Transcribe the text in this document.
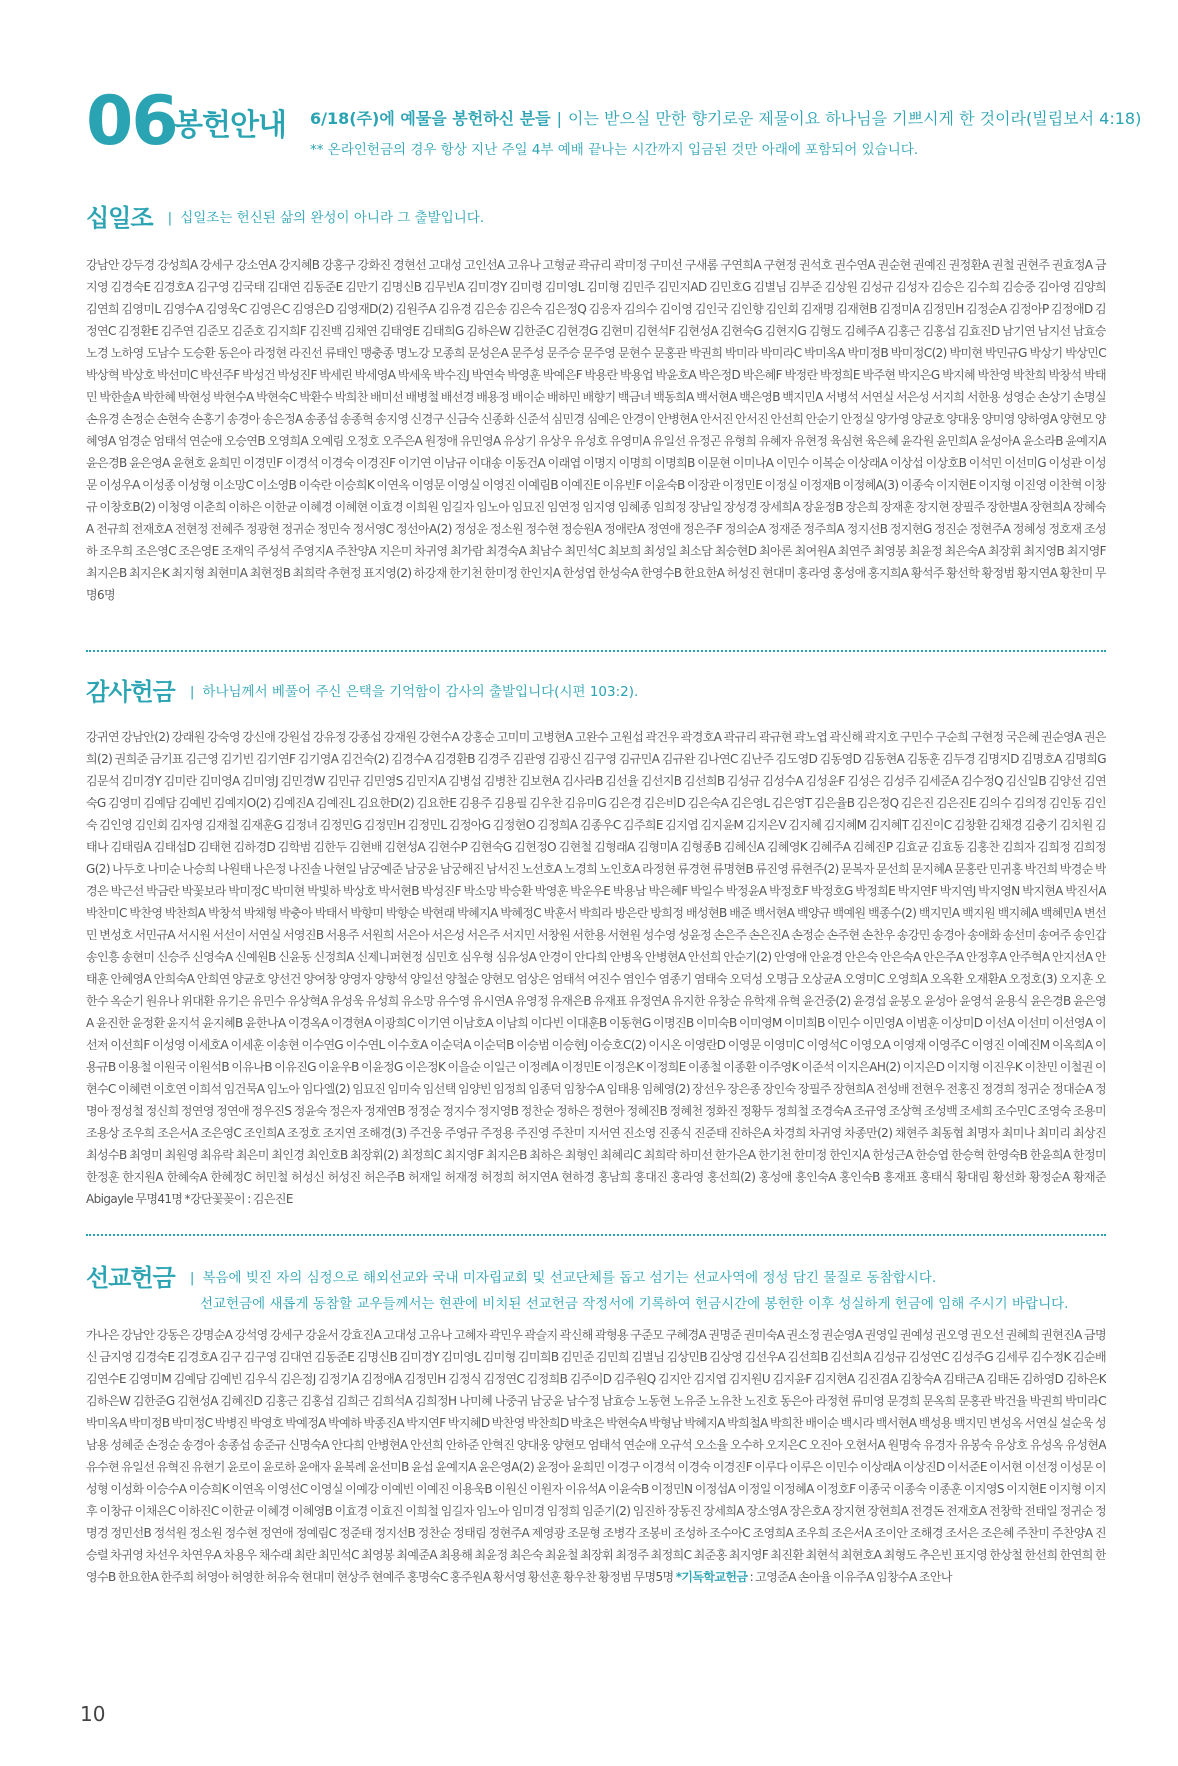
06
봉헌안내 6/18(주)에 예물을 봉헌하신 분들 | 이는 받으실 만한 향기로운 제물이요 하나님을 기쁘시게 한 것이라(빌립보서 4:18)
** 온라인헌금의 경우 항상 지난 주일 4부 예배 끝나는 시간까지 입금된 것만 아래에 포함되어 있습니다.
십일조 | 십일조는 헌신된 삶의 완성이 아니라 그 출발입니다.
강남안 강두경 강성희A 강세구 강소연A 강지혜B 강홍구 강화진 경현선 고대성 고인선A 고유나 고형균 곽규리 곽미정 구미선 구새롬 구연희A 구현정 권석호 권수연A 권순현 권예진 권정환A 권철 권현주 권효정A 금지영 김경숙E 김경호A 김구영 김국태 김대연 김동준E 김만기 김명신B 김무빈A 김미경Y 김미령 김미영L 김미형 김민주 김민지AD 김민호G 김별님 김부준 김상원 김성규 김성자 김승은 김수희 김승중 김아영 김양희 김연희 김영미L 김영수A 김영욱C 김영은C 김영은D 김영재D(2) 김원주A 김유경 김은송 김은숙 김은정Q 김응자 김의수 김이영 김인국 김인향 김인회 김재명 김재현B 김정미A 김정민H 김정순A 김정아P 김정애D 김정연C 김정환E 김주연 김준모 김준호 김지희F 김진백 김채연 김태영E 김태희G 김하은W 김한준C 김현경G 김현미 김현석F 김현성A 김현숙G 김현지G 김형도 김혜주A 김홍근 김홍섭 김효진D 남기연 남지선 남효승 노경 노하영 도남수 도승환 동은아 라정현 라진선 류태인 맹충종 명노강 모종희 문성은A 문주성 문주승 문주영 문현수 문홍관 박권희 박미라 박미라C 박미옥A 박미정B 박미정C(2) 박미현 박민규G 박상기 박상민C 박상혁 박상호 박선미C 박선주F 박성건 박성진F 박세린 박세영A 박세욱 박수진J 박연숙 박영훈 박예은F 박용란 박용업 박윤호A 박은정D 박은혜F 박정란 박정희E 박주현 박지은G 박지혜 박찬영 박찬희 박창석 박태민 박한솔A 박한혜 박현성 박현수A 박현숙C 박환수 박희찬 배미선 배병철 배선경 배용정 배이순 배하민 배향기 백금녀 백동희A 백서현A 백은영B 백지민A 서병석 서연실 서은성 서지희 서한용 성영순 손상기 손명실 손유경 손정순 손현숙 손홍기 송경아 송은정A 송종섭 송종혁 송지영 신경구 신금숙 신종화 신준석 심민경 심예은 안경이 안병현A 안서진 안서진 안선희 안순기 안정실 양가영 양균호 양대웅 양미영 양하영A 양현모 양혜영A 엄경순 엄태석 연순애 오승연B 오영희A 오예림 오정호 오주은A 원정애 유민영A 유상기 유상우 유성호 유영미A 유일선 유정곤 유형희 유혜자 유현정 육심현 육은혜 윤각원 윤민희A 윤성아A 윤소라B 윤예지A 윤은경B 윤은영A 윤현호 윤희민 이경민F 이경석 이경숙 이경진F 이기연 이남규 이대송 이동건A 이래엽 이명지 이명희 이명희B 이문현 이미나A 이민수 이복순 이상래A 이상섭 이상호B 이석민 이선미G 이성관 이성문 이성우A 이성종 이성형 이소망C 이소영B 이숙란 이승희K 이연옥 이영문 이영실 이영진 이예림B 이예진E 이유빈F 이윤숙B 이장관 이정민E 이정실 이정재B 이정혜A(3) 이종숙 이지현E 이지형 이진영 이찬혁 이창규 이창호B(2) 이청영 이춘희 이하은 이한균 이혜경 이혜현 이효경 이희원 임길자 임노아 임묘진 임연정 임지영 임혜종 임희정 장남일 장성경 장세희A 장윤정B 장은희 장재훈 장지현 장필주 장한별A 장현희A 장혜숙A 전규희 전재호A 전현정 전혜주 정광현 정귀순 정민숙 정서영C 정선아A(2) 정성운 정소원 정수현 정승원A 정애란A 정연애 정은주F 정의순A 정재준 정주희A 정지선B 정지현G 정진순 정현주A 정혜성 정호재 조성하 조우희 조은영C 조은영E 조재익 주성석 주영지A 주찬양A 지은미 차귀영 최가람 최경숙A 최남수 최민석C 최보희 최성일 최소담 최승현D 최아론 최여원A 최연주 최영봉 최윤정 최은숙A 최장휘 최지영B 최지영F 최지은B 최지은K 최지형 최현미A 최현정B 최희락 추현정 표지영(2) 하강재 한기천 한미정 한인지A 한성엽 한성숙A 한영수B 한요한A 허성진 현대미 홍라영 홍성애 홍지희A 황석주 황선학 황정범 황지연A 황찬미 무명6명
감사헌금 | 하나님께서 베풀어 주신 은택을 기억함이 감사의 출발입니다(시편 103:2).
강귀연 강남안(2) 강래원 강숙영 강신애 강원섭 강유정 강종섭 강재원 강현수A 강홍순 고미미 고병현A 고완수 고원섭 곽건우 곽경호A 곽규리 곽규현 곽노엽 곽신해 곽지호 구민수 구순희 구현정 국은혜 권순영A 권은희(2) 권희준 금기표 김근영 김기빈 김기연F 김기영A 김건숙(2) 김경수A 김경환B 김경주 김관영 김광신 김구영 김규민A 김규완 김나연C 김난주 김도영D 김동영D 김동현A 김동훈 김두경 김명지D 김명호A 김명희G 김문석 김미경Y 김미란 김미영A 김미영J 김민경W 김민규 김민영S 김민지A 김병섭 김병찬 김보현A 김사라B 김선율 김선지B 김선희B 김성규 김성수A 김성윤F 김성은 김성주 김세준A 김수정Q 김신일B 김양선 김연숙G 김영미 김예담 김예빈 김예지O(2) 김예진A 김예진L 김요한D(2) 김요한E 김용주 김용필 김우찬 김유미G 김은경 김은비D 김은숙A 김은영L 김은영T 김은율B 김은정Q 김은진 김은진E 김의수 김의정 김인동 김인숙 김인영 김인회 김자영 김재철 김재훈G 김정녀 김정민G 김정민H 김정민L 김정아G 김정현O 김정희A 김종우C 김주희E 김지엽 김지윤M 김지은V 김지혜 김지혜M 김지혜T 김진이C 김창환 김채경 김충기 김치원 김태나 김태림A 김태섭D 김태현 김하경D 김학범 김한두 김현배 김현성A 김현수P 김현숙G 김현정O 김현철 김형래A 김형미A 김형종B 김혜신A 김혜영K 김혜주A 김혜진P 김효균 김효동 김홍찬 김희자 김희정 김희정G(2) 나두호 나미순 나승희 나원태 나은정 나진솔 나현일 남궁예준 남궁윤 남궁해진 남서진 노선호A 노경희 노인호A 라정현 류경현 류명현B 류진영 류현주(2) 문복자 문선희 문지혜A 문홍란 민귀홍 박건희 박경순 박경은 박근선 박금란 박꽃보라 박미정C 박미현 박빛하 박상호 박서현B 박성진F 박소망 박승환 박영훈 박운우E 박용남 박은혜F 박일수 박정윤A 박정호F 박정호G 박정희E 박지연F 박지연J 박지영N 박지현A 박진서A 박찬미C 박찬영 박찬희A 박창석 박채형 박충아 박태서 박향미 박향순 박현래 박혜지A 박혜정C 박훈서 박희라 방은란 방희정 배성현B 배준 백서현A 백양규 백예원 백종수(2) 백지민A 백지원 백지혜A 백혜민A 변선민 변성호 서민규A 서시원 서선이 서연실 서영진B 서용주 서원희 서은아 서은성 서은주 서지민 서창원 서한용 서현원 성수영 성윤정 손은주 손은진A 손정순 손주현 손찬우 송강민 송경아 송애화 송선미 송여주 송인갑 송인흥 송현미 신승주 신영숙A 신예원B 신윤동 신정희A 신제니퍼현정 심민호 심우형 심유성A 안경이 안다희 안병옥 안병현A 안선희 안순기(2) 안영애 안윤경 안은숙 안은숙A 안은주A 안정후A 안주혁A 안지선A 안태훈 안혜영A 안희숙A 안희연 양균호 양선건 양여창 양영자 양향석 양일선 양철순 양현모 엄상은 엄태석 여진수 염인수 염종기 염태숙 오덕성 오명금 오상균A 오영미C 오영희A 오옥환 오재환A 오정호(3) 오지훈 오한수 옥순기 원유나 위대환 유기은 유민수 유상혁A 유성욱 유성희 유소망 유수영 유시연A 유영정 유재은B 유재표 유정연A 유지한 유창순 유학재 유혁 윤건중(2) 윤경섭 윤봉오 윤성아 윤영석 윤용식 윤은경B 윤은영A 윤진한 윤정환 윤지석 윤지혜B 윤한나A 이경옥A 이경현A 이광희C 이기연 이남호A 이남희 이다빈 이대훈B 이동현G 이명진B 이미숙B 이미영M 이미희B 이민수 이민영A 이범훈 이상미D 이선A 이선미 이선영A 이선저 이선희F 이성영 이세호A 이세훈 이송현 이수연G 이수연L 이수호A 이순덕A 이순덕B 이승범 이승현J 이승호C(2) 이시온 이영란D 이영문 이영미C 이영석C 이영오A 이영재 이영주C 이영진 이예진M 이옥희A 이용규B 이용철 이원국 이원석B 이유나B 이유진G 이윤우B 이윤정G 이은정K 이을순 이일근 이정례A 이정민E 이정은K 이정희E 이종철 이종환 이주영K 이준석 이지은AH(2) 이지은D 이지형 이진우K 이찬민 이철권 이현수C 이혜련 이호연 이희석 임건묵A 임노아 임다엘(2) 임묘진 임미숙 임선택 임양빈 임정희 임종덕 임창수A 임태용 임혜영(2) 장선우 장은종 장인숙 장필주 장현희A 전성배 전현우 전홍진 정경희 정귀순 정대순A 정명아 정성철 정신희 정연영 정연애 정우진S 정윤숙 정은자 정재연B 정정순 정지수 정지영B 정찬순 정하은 정현아 정혜진B 정혜천 정화진 정황두 정희철 조경숙A 조규영 조상혁 조성백 조세희 조수민C 조영숙 조용미 조용상 조우희 조은서A 조은영C 조인희A 조정호 조지연 조해경(3) 주건웅 주영규 주정용 주진영 주찬미 지서연 진소영 진종식 진준태 진하은A 차경희 차귀영 차종만(2) 채현주 최동협 최명자 최미나 최미리 최상진 최성수B 최영미 최원영 최유락 최은미 최인경 최인호B 최장휘(2) 최정희C 최지영F 최지은B 최하은 최형인 최혜리C 최희락 하미선 한가은A 한기천 한미정 한인지A 한성근A 한승엽 한승혁 한영숙B 한윤희A 한정미 한정훈 한지원A 한혜숙A 한혜정C 허민철 허성신 허성진 허은주B 허재일 허재정 허정희 허지연A 현하경 홍남희 홍대진 홍라영 홍선희(2) 홍성애 홍인숙A 홍인숙B 홍재표 홍태식 황대림 황선화 황정순A 황재준 Abigayle 무명41명 *강단꽃꽂이 : 김은진E
선교헌금 | 복음에 빚진 자의 심정으로 해외선교와 국내 미자립교회 및 선교단체를 돕고 섬기는 선교사역에 정성 담긴 물질로 동참합시다.
선교헌금에 새롭게 동참할 교우들께서는 현관에 비치된 선교헌금 작정서에 기록하여 헌금시간에 봉헌한 이후 성실하게 헌금에 임해 주시기 바랍니다.
가나은 강남안 강동은 강명순A 강석영 강세구 강윤서 강효진A 고대성 고유나 고혜자 곽민우 곽슬지 곽신해 곽형용 구준모 구혜경A 권명준 권미숙A 권소정 권순영A 권영일 권예성 권오영 권오선 권혜희 권현진A 금명신 금지영 김경숙E 김경호A 김구 김구영 김대연 김동준E 김명신B 김미경Y 김미영L 김미형 김미희B 김민준 김민희 김별님 김상민B 김상영 김선우A 김선희B 김선희A 김성규 김성연C 김성주G 김세루 김수정K 김순배 김연수E 김영미M 김예담 김예빈 김우식 김은정J 김정기A 김정애A 김정민H 김정식 김정연C 김정희B 김주이D 김주원Q 김지안 김지엽 김지원U 김지윤F 김지현A 김진겸A 김창숙A 김태근A 김태돈 김하영D 김하은K 김하은W 김한준G 김현성A 김혜진D 김홍근 김홍섭 김희근 김희석A 김희정H 나미혜 나중귀 남궁윤 남수정 남효승 노동현 노유준 노유찬 노진호 동은아 라정현 류미영 문경희 문옥희 문홍관 박건율 박권희 박미라C 박미옥A 박미정B 박미정C 박병진 박영호 박예정A 박예하 박종진A 박지연F 박지혜D 박찬영 박찬희D 박초은 박현숙A 박형남 박혜지A 박희철A 박희찬 배이순 백시라 백서현A 백성용 백지민 변성옥 서연실 설순욱 성남용 성혜준 손정순 송경아 송종섭 송준규 신명숙A 안다희 안병현A 안선희 안하준 안혁진 양대웅 양현모 엄태석 연순애 오규석 오소율 오수하 오지은C 오진아 오현서A 원명숙 유경자 유봉숙 유상호 유성옥 유성현A 유수현 유일선 유혁진 유현기 윤로이 윤로하 윤애자 윤복례 윤선미B 윤섭 윤예지A 윤은영A(2) 윤정아 윤희민 이경구 이경석 이경숙 이경진F 이루다 이루은 이민수 이상래A 이상진D 이서준E 이서현 이선정 이성문 이성형 이성화 이승수A 이승희K 이연옥 이영선C 이영실 이예강 이예빈 이예진 이용욱B 이원신 이원자 이유석A 이윤숙B 이정민N 이정섭A 이정일 이정혜A 이정호F 이종국 이종숙 이종훈 이지영S 이지현E 이지형 이지후 이창규 이채은C 이하진C 이한균 이혜경 이혜영B 이효경 이효진 이희철 임길자 임노아 임미경 임정희 임준기(2) 임진하 장동진 장세희A 장소영A 장은호A 장지현 장현희A 전경돈 전재호A 전창학 전태일 정귀순 정명경 정민선B 정석원 정소원 정수현 정연애 정예림C 정준태 정지선B 정찬순 정태림 정현주A 제영광 조문형 조병각 조봉비 조성하 조수아C 조영희A 조우희 조은서A 조이안 조해경 조서은 조은혜 주찬미 주찬양A 진승렬 차귀영 차선우 차연우A 차용우 채수래 최란 최민석C 최영봉 최예준A 최용해 최윤정 최은숙 최윤철 최장휘 최정주 최정희C 최준홍 최지영F 최진환 최현석 최현호A 최형도 추은빈 표지영 한상철 한선희 한연희 한영수B 한요한A 한주희 허영아 허영한 허유숙 현대미 현상주 현예주 홍명숙C 홍주원A 황서영 황선훈 황우찬 황정범 무명5명 *기독학교헌금 : 고영준A 손아율 이유주A 임창수A 조안나
10
